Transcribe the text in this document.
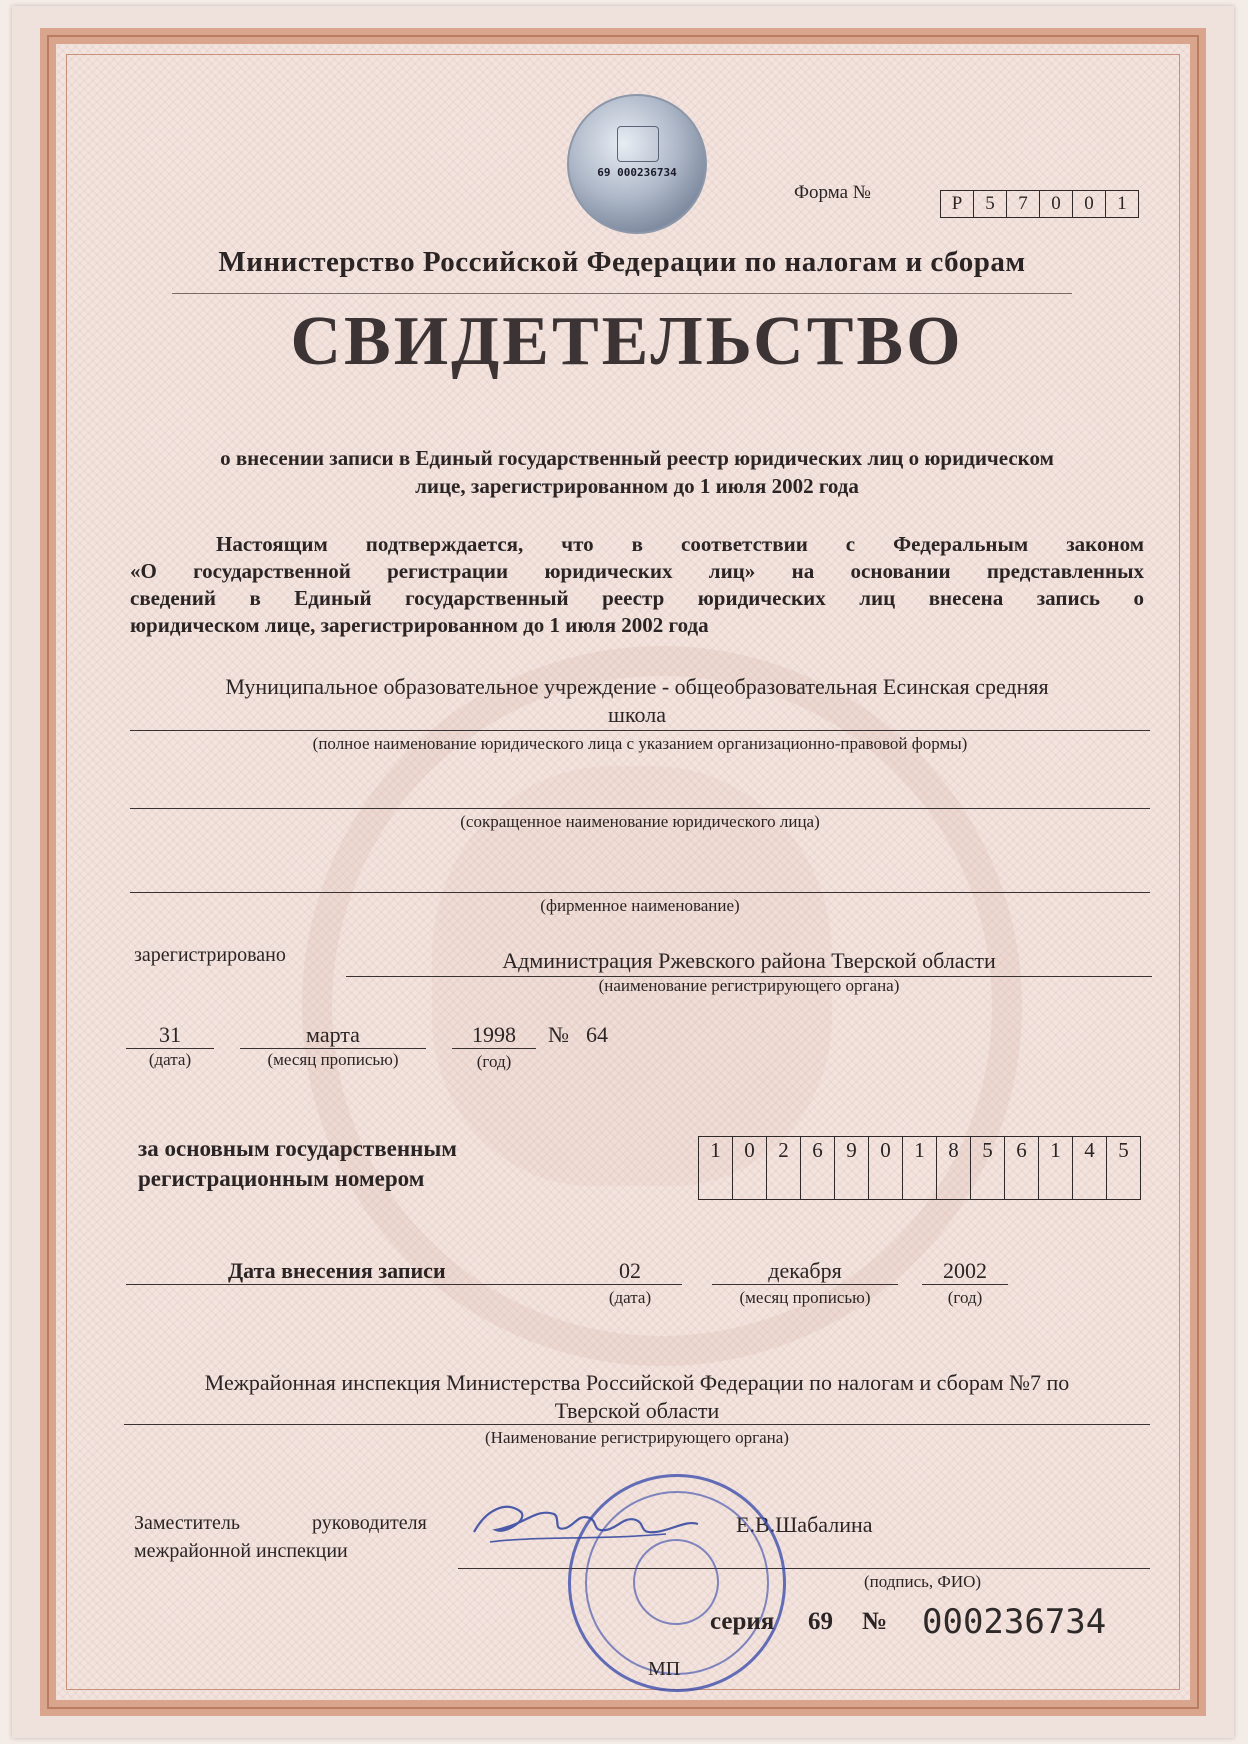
69 000236734
Форма №
Р	5	7	0	0	1
Министерство Российской Федерации по налогам и сборам
СВИДЕТЕЛЬСТВО
о внесении записи в Единый государственный реестр юридических лиц о юридическом
лице, зарегистрированном до 1 июля 2002 года
Настоящим подтверждается, что в соответствии с Федеральным законом
«О государственной регистрации юридических лиц» на основании представленных
сведений в Единый государственный реестр юридических лиц внесена запись о
юридическом лице, зарегистрированном до 1 июля 2002 года
Муниципальное образовательное учреждение - общеобразовательная Есинская средняя
школа
(полное наименование юридического лица с указанием организационно-правовой формы)
(сокращенное наименование юридического лица)
(фирменное наименование)
зарегистрировано	Администрация Ржевского района Тверской области
(наименование регистрирующего органа)
31
(дата)
марта
(месяц прописью)
1998
(год)
№ 64
за основным государственным
регистрационным номером
1	0	2	6	9	0	1	8	5	6	1	4	5
Дата внесения записи	02
(дата)
декабря
(месяц прописью)
2002
(год)
Межрайонная инспекция Министерства Российской Федерации по налогам и сборам №7 по
Тверской области
(Наименование регистрирующего органа)
Заместитель	руководителя
межрайонной инспекции
Е.В.Шабалина
(подпись, ФИО)
серия 69 № 000236734
МП
